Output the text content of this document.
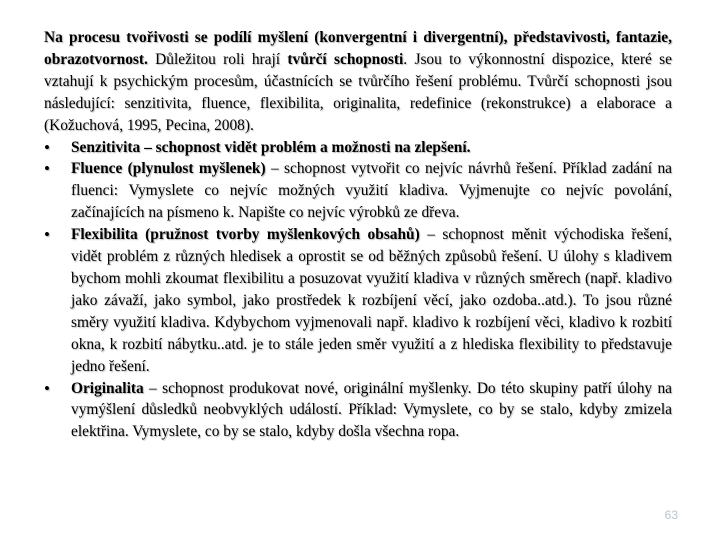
Na procesu tvořivosti se podílí myšlení (konvergentní i divergentní), představivosti, fantazie, obrazotvornost. Důležitou roli hrají tvůrčí schopnosti. Jsou to výkonnostní dispozice, které se vztahují k psychickým procesům, účastnících se tvůrčího řešení problému. Tvůrčí schopnosti jsou následující: senzitivita, fluence, flexibilita, originalita, redefinice (rekonstrukce) a elaborace a (Kožuchová, 1995, Pecina, 2008).

• Senzitivita – schopnost vidět problém a možnosti na zlepšení.
• Fluence (plynulost myšlenek) – schopnost vytvořit co nejvíc návrhů řešení. Příklad zadání na fluenci: Vymyslete co nejvíc možných využití kladiva. Vyjmenujte co nejvíc povolání, začínajících na písmeno k. Napište co nejvíc výrobků ze dřeva.
• Flexibilita (pružnost tvorby myšlenkových obsahů) – schopnost měnit východiska řešení, vidět problém z různých hledisek a oprostit se od běžných způsobů řešení. U úlohy s kladivem bychom mohli zkoumat flexibilitu a posuzovat využití kladiva v různých směrech (např. kladivo jako závaží, jako symbol, jako prostředek k rozbíjení věcí, jako ozdoba..atd.). To jsou různé směry využití kladiva. Kdybychom vyjmenovali např. kladivo k rozbíjení věci, kladivo k rozbití okna, k rozbití nábytku..atd. je to stále jeden směr využití a z hlediska flexibility to představuje jedno řešení.
• Originalita – schopnost produkovat nové, originální myšlenky. Do této skupiny patří úlohy na vymýšlení důsledků neobvyklých událostí. Příklad: Vymyslete, co by se stalo, kdyby zmizela elektřina. Vymyslete, co by se stalo, kdyby došla všechna ropa.
63
